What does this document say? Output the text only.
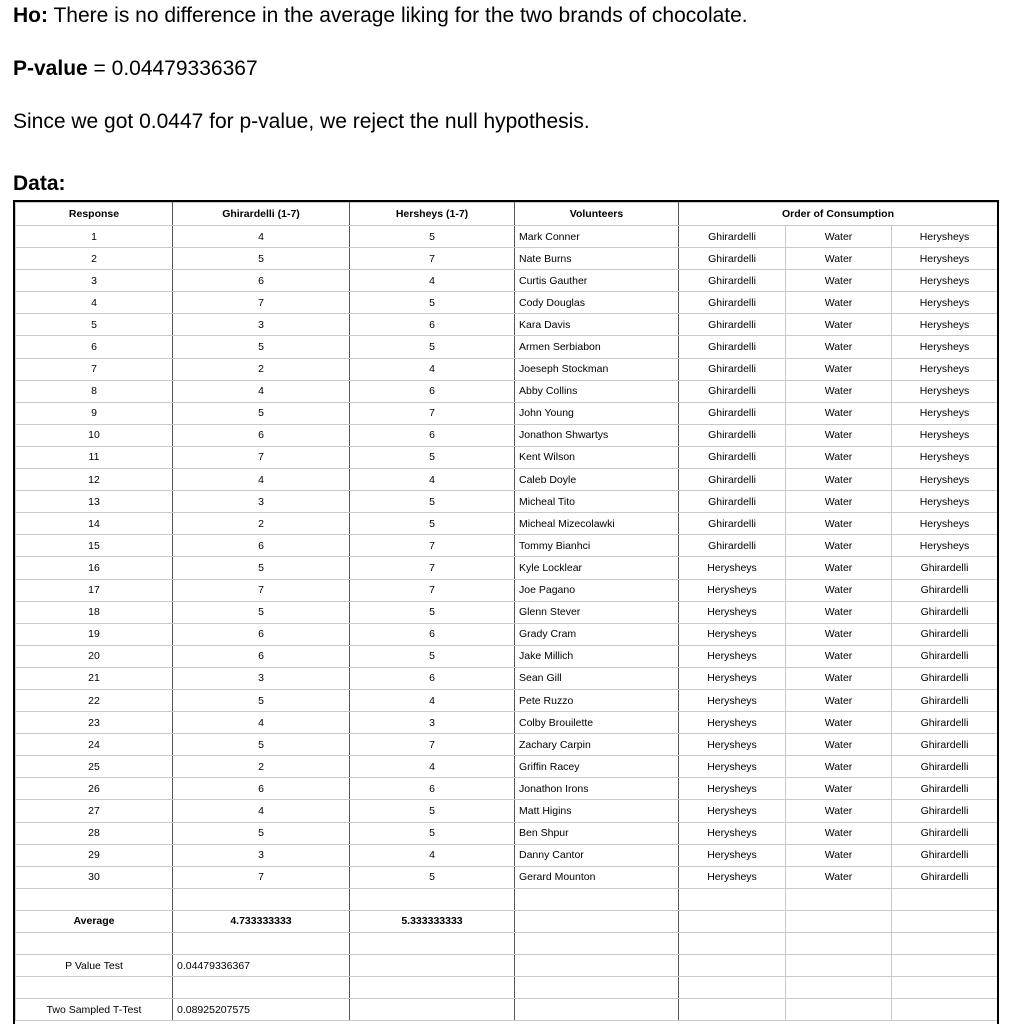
Ho: There is no difference in the average liking for the two brands of chocolate.
P-value = 0.04479336367
Since we got 0.0447 for p-value, we reject the null hypothesis.
Data:
Response	Ghirardelli (1-7)	Hersheys (1-7)	Volunteers	Order of Consumption		
1	4	5	Mark Conner	Ghirardelli	Water	Herysheys
2	5	7	Nate Burns	Ghirardelli	Water	Herysheys
3	6	4	Curtis Gauther	Ghirardelli	Water	Herysheys
4	7	5	Cody Douglas	Ghirardelli	Water	Herysheys
5	3	6	Kara Davis	Ghirardelli	Water	Herysheys
6	5	5	Armen Serbiabon	Ghirardelli	Water	Herysheys
7	2	4	Joeseph Stockman	Ghirardelli	Water	Herysheys
8	4	6	Abby Collins	Ghirardelli	Water	Herysheys
9	5	7	John Young	Ghirardelli	Water	Herysheys
10	6	6	Jonathon Shwartys	Ghirardelli	Water	Herysheys
11	7	5	Kent Wilson	Ghirardelli	Water	Herysheys
12	4	4	Caleb Doyle	Ghirardelli	Water	Herysheys
13	3	5	Micheal Tito	Ghirardelli	Water	Herysheys
14	2	5	Micheal Mizecolawki	Ghirardelli	Water	Herysheys
15	6	7	Tommy Bianhci	Ghirardelli	Water	Herysheys
16	5	7	Kyle Locklear	Herysheys	Water	Ghirardelli
17	7	7	Joe Pagano	Herysheys	Water	Ghirardelli
18	5	5	Glenn Stever	Herysheys	Water	Ghirardelli
19	6	6	Grady Cram	Herysheys	Water	Ghirardelli
20	6	5	Jake Millich	Herysheys	Water	Ghirardelli
21	3	6	Sean Gill	Herysheys	Water	Ghirardelli
22	5	4	Pete Ruzzo	Herysheys	Water	Ghirardelli
23	4	3	Colby Brouilette	Herysheys	Water	Ghirardelli
24	5	7	Zachary Carpin	Herysheys	Water	Ghirardelli
25	2	4	Griffin Racey	Herysheys	Water	Ghirardelli
26	6	6	Jonathon Irons	Herysheys	Water	Ghirardelli
27	4	5	Matt Higins	Herysheys	Water	Ghirardelli
28	5	5	Ben Shpur	Herysheys	Water	Ghirardelli
29	3	4	Danny Cantor	Herysheys	Water	Ghirardelli
30	7	5	Gerard Mounton	Herysheys	Water	Ghirardelli

Average	4.733333333	5.333333333				

P Value Test	0.04479336367					

Two Sampled T-Test	0.08925207575					
